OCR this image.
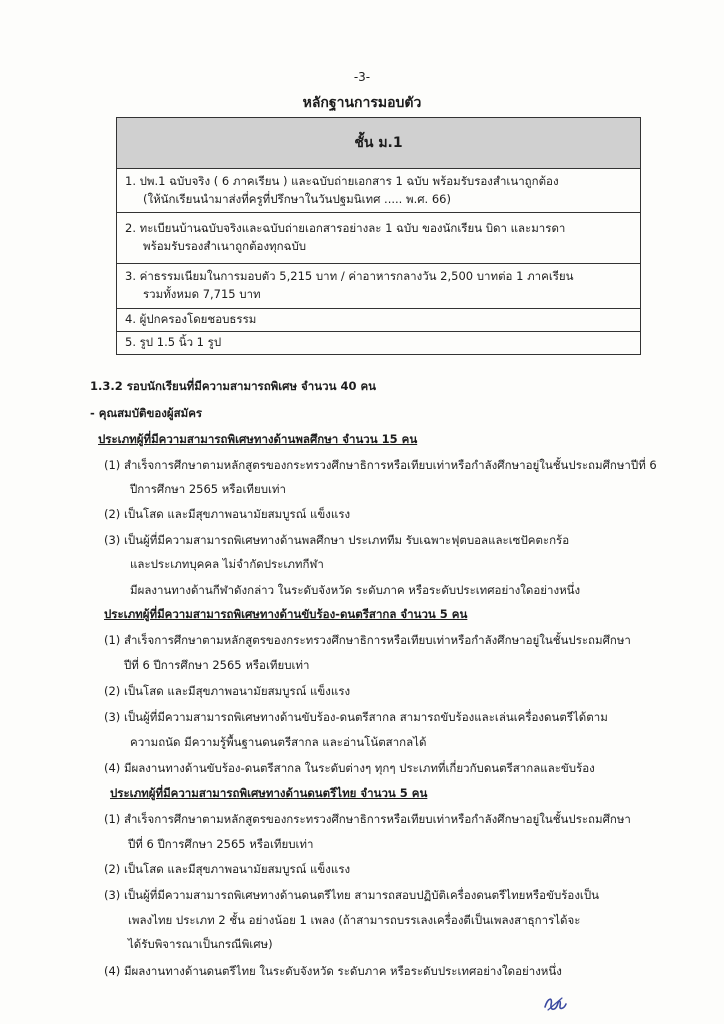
-3-
หลักฐานการมอบตัว
ชั้น ม.1

1. ปพ.1 ฉบับจริง ( 6 ภาคเรียน ) และฉบับถ่ายเอกสาร 1 ฉบับ พร้อมรับรองสำเนาถูกต้อง
(ให้นักเรียนนำมาส่งที่ครูที่ปรึกษาในวันปฐมนิเทศ ..... พ.ศ. 66)

2. ทะเบียนบ้านฉบับจริงและฉบับถ่ายเอกสารอย่างละ 1 ฉบับ ของนักเรียน บิดา และมารดา
พร้อมรับรองสำเนาถูกต้องทุกฉบับ

3. ค่าธรรมเนียมในการมอบตัว 5,215 บาท / ค่าอาหารกลางวัน 2,500 บาทต่อ 1 ภาคเรียน
รวมทั้งหมด 7,715 บาท

4. ผู้ปกครองโดยชอบธรรม
5. รูป 1.5 นิ้ว 1 รูป
1.3.2 รอบนักเรียนที่มีความสามารถพิเศษ จำนวน 40 คน
- คุณสมบัติของผู้สมัคร
ประเภทผู้ที่มีความสามารถพิเศษทางด้านพลศึกษา จำนวน 15 คน
(1) สำเร็จการศึกษาตามหลักสูตรของกระทรวงศึกษาธิการหรือเทียบเท่าหรือกำลังศึกษาอยู่ในชั้นประถมศึกษาปีที่ 6
ปีการศึกษา 2565 หรือเทียบเท่า
(2) เป็นโสด และมีสุขภาพอนามัยสมบูรณ์ แข็งแรง
(3) เป็นผู้ที่มีความสามารถพิเศษทางด้านพลศึกษา ประเภททีม รับเฉพาะฟุตบอลและเซปัคตะกร้อ
และประเภทบุคคล ไม่จำกัดประเภทกีฬา
มีผลงานทางด้านกีฬาดังกล่าว ในระดับจังหวัด ระดับภาค หรือระดับประเทศอย่างใดอย่างหนึ่ง
ประเภทผู้ที่มีความสามารถพิเศษทางด้านขับร้อง-ดนตรีสากล จำนวน 5 คน
(1) สำเร็จการศึกษาตามหลักสูตรของกระทรวงศึกษาธิการหรือเทียบเท่าหรือกำลังศึกษาอยู่ในชั้นประถมศึกษา
ปีที่ 6 ปีการศึกษา 2565 หรือเทียบเท่า
(2) เป็นโสด และมีสุขภาพอนามัยสมบูรณ์ แข็งแรง
(3) เป็นผู้ที่มีความสามารถพิเศษทางด้านขับร้อง-ดนตรีสากล สามารถขับร้องและเล่นเครื่องดนตรีได้ตาม
ความถนัด มีความรู้พื้นฐานดนตรีสากล และอ่านโน้ตสากลได้
(4) มีผลงานทางด้านขับร้อง-ดนตรีสากล ในระดับต่างๆ ทุกๆ ประเภทที่เกี่ยวกับดนตรีสากลและขับร้อง
ประเภทผู้ที่มีความสามารถพิเศษทางด้านดนตรีไทย จำนวน 5 คน
(1) สำเร็จการศึกษาตามหลักสูตรของกระทรวงศึกษาธิการหรือเทียบเท่าหรือกำลังศึกษาอยู่ในชั้นประถมศึกษา
ปีที่ 6 ปีการศึกษา 2565 หรือเทียบเท่า
(2) เป็นโสด และมีสุขภาพอนามัยสมบูรณ์ แข็งแรง
(3) เป็นผู้ที่มีความสามารถพิเศษทางด้านดนตรีไทย สามารถสอบปฏิบัติเครื่องดนตรีไทยหรือขับร้องเป็น
เพลงไทย ประเภท 2 ชั้น อย่างน้อย 1 เพลง (ถ้าสามารถบรรเลงเครื่องตีเป็นเพลงสาธุการได้จะ
ได้รับพิจารณาเป็นกรณีพิเศษ)
(4) มีผลงานทางด้านดนตรีไทย ในระดับจังหวัด ระดับภาค หรือระดับประเทศอย่างใดอย่างหนึ่ง
